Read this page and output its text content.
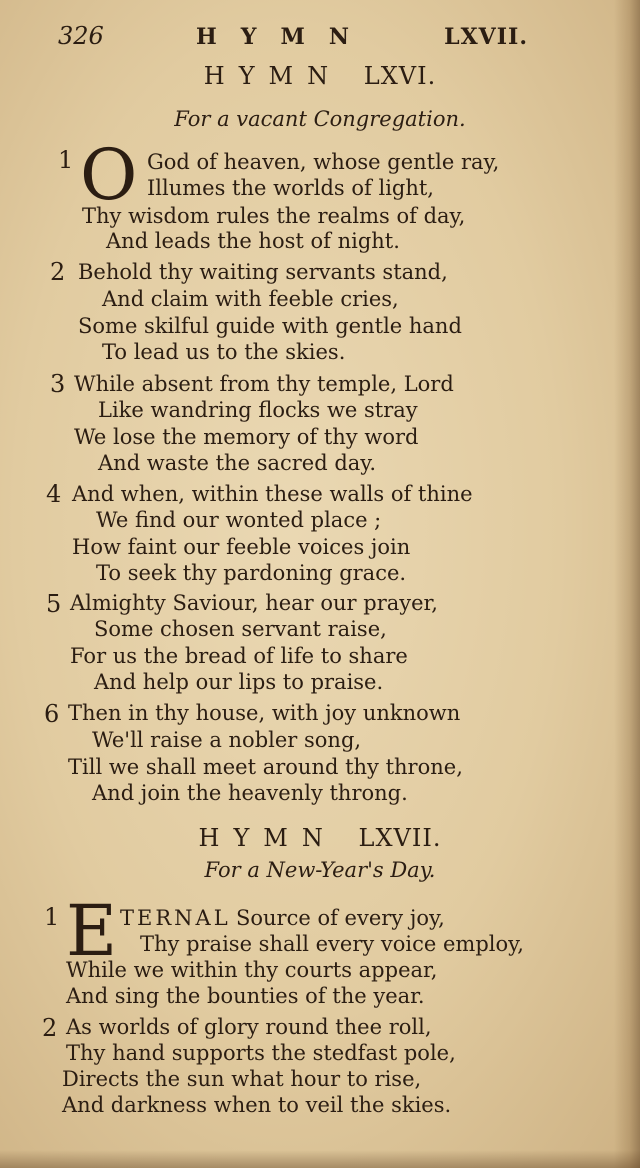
326	HYMN	LXVII.
HYMN LXVI.
For a vacant Congregation.
1 O God of heaven, whose gentle ray,
Illumes the worlds of light,
Thy wisdom rules the realms of day,
And leads the host of night.
2 Behold thy waiting servants stand,
And claim with feeble cries,
Some skilful guide with gentle hand
To lead us to the skies.
3 While absent from thy temple, Lord
Like wandring flocks we stray
We lose the memory of thy word
And waste the sacred day.
4 And when, within these walls of thine
We find our wonted place ;
How faint our feeble voices join
To seek thy pardoning grace.
5 Almighty Saviour, hear our prayer,
Some chosen servant raise,
For us the bread of life to share
And help our lips to praise.
6 Then in thy house, with joy unknown
We'll raise a nobler song,
Till we shall meet around thy throne,
And join the heavenly throng.
HYMN LXVII.
For a New-Year's Day.
1 E TERNAL Source of every joy,
Thy praise shall every voice employ,
While we within thy courts appear,
And sing the bounties of the year.
2 As worlds of glory round thee roll,
Thy hand supports the stedfast pole,
Directs the sun what hour to rise,
And darkness when to veil the skies.
